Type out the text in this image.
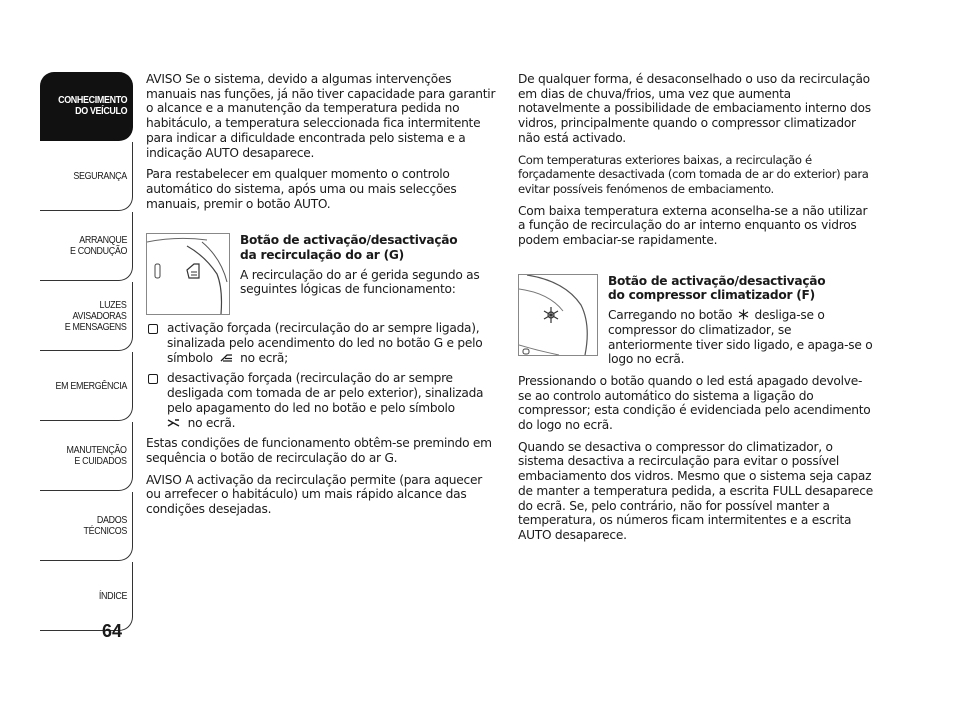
CONHECIMENTO
DO VEÍCULO
SEGURANÇA
ARRANQUE
E CONDUÇÃO
LUZES
AVISADORAS
E MENSAGENS
EM EMERGÊNCIA
MANUTENÇÃO
E CUIDADOS
DADOS
TÉCNICOS
ÍNDICE
64

AVISO Se o sistema, devido a algumas intervenções manuais nas funções, já não tiver capacidade para garantir o alcance e a manutenção da temperatura pedida no habitáculo, a temperatura seleccionada fica intermitente para indicar a dificuldade encontrada pelo sistema e a indicação AUTO desaparece.

Para restabelecer em qualquer momento o controlo automático do sistema, após uma ou mais selecções manuais, premir o botão AUTO.

Botão de activação/desactivação
da recirculação do ar (G)

A recirculação do ar é gerida segundo as seguintes lógicas de funcionamento:

activação forçada (recirculação do ar sempre ligada), sinalizada pelo acendimento do led no botão G e pelo símbolo no ecrã;
desactivação forçada (recirculação do ar sempre desligada com tomada de ar pelo exterior), sinalizada pelo apagamento do led no botão e pelo símbolo
no ecrã.

Estas condições de funcionamento obtêm-se premindo em sequência o botão de recirculação do ar G.

AVISO A activação da recirculação permite (para aquecer ou arrefecer o habitáculo) um mais rápido alcance das condições desejadas.

De qualquer forma, é desaconselhado o uso da recirculação em dias de chuva/frios, uma vez que aumenta notavelmente a possibilidade de embaciamento interno dos vidros, principalmente quando o compressor climatizador não está activado.

Com temperaturas exteriores baixas, a recirculação é forçadamente desactivada (com tomada de ar do exterior) para evitar possíveis fenómenos de embaciamento.

Com baixa temperatura externa aconselha-se a não utilizar a função de recirculação do ar interno enquanto os vidros podem embaciar-se rapidamente.

Botão de activação/desactivação
do compressor climatizador (F)

Carregando no botão desliga-se o compressor do climatizador, se anteriormente tiver sido ligado, e apaga-se o logo no ecrã.

Pressionando o botão quando o led está apagado devolve-se ao controlo automático do sistema a ligação do compressor; esta condição é evidenciada pelo acendimento do logo no ecrã.

Quando se desactiva o compressor do climatizador, o sistema desactiva a recirculação para evitar o possível embaciamento dos vidros. Mesmo que o sistema seja capaz de manter a temperatura pedida, a escrita FULL desaparece do ecrã. Se, pelo contrário, não for possível manter a temperatura, os números ficam intermitentes e a escrita AUTO desaparece.
